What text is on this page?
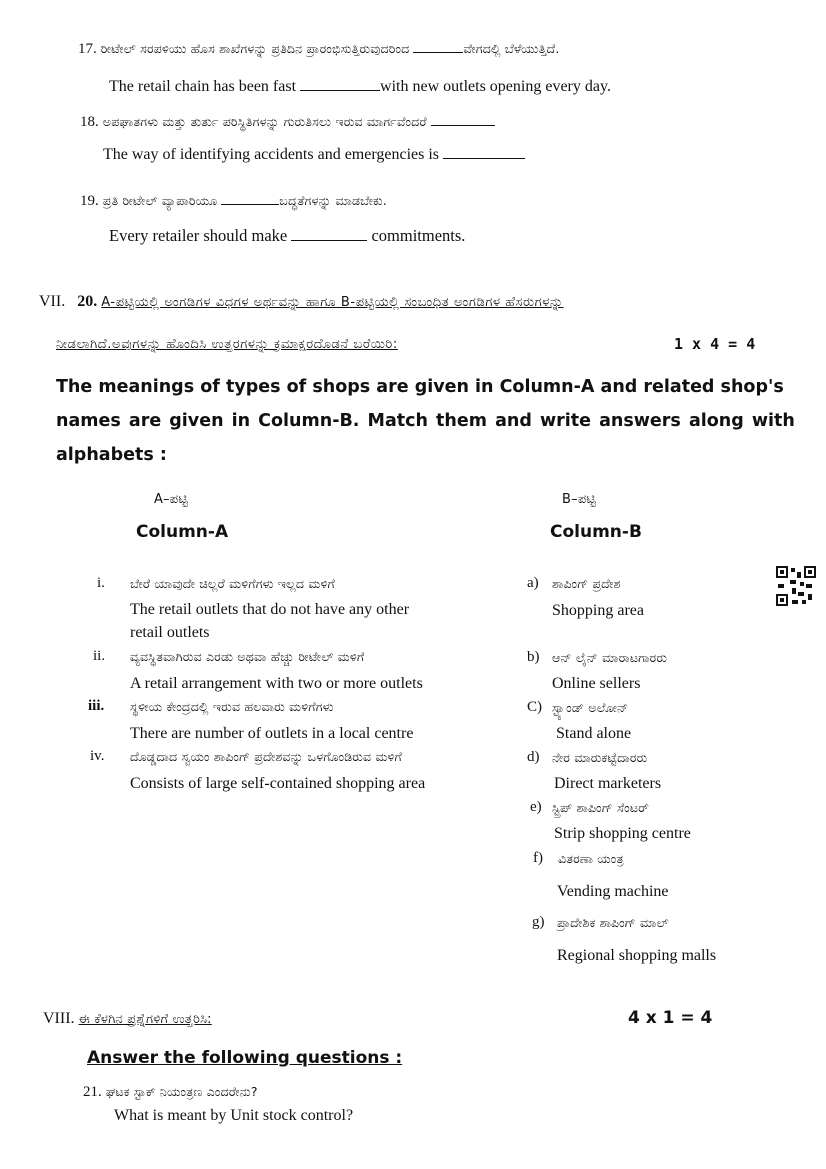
17. ರೀಟೇಲ್ ಸರಪಳಿಯು ಹೊಸ ಶಾಖೆಗಳನ್ನು ಪ್ರತಿದಿನ ಪ್ರಾರಂಭಿಸುತ್ತಿರುವುದರಿಂದ	ವೇಗದಲ್ಲಿ ಬೆಳೆಯುತ್ತಿದೆ.
The retail chain has been fast	with new outlets opening every day.
18. ಅಪಘಾತಗಳು ಮತ್ತು ತುರ್ತು ಪರಿಸ್ಥಿತಿಗಳನ್ನು ಗುರುತಿಸಲು ಇರುವ ಮಾರ್ಗವೆಂದರೆ
The way of identifying accidents and emergencies is
19. ಪ್ರತಿ ರೀಟೇಲ್ ವ್ಯಾಪಾರಿಯೂ	ಬದ್ಧತೆಗಳನ್ನು ಮಾಡಬೇಕು.
Every retailer should make	commitments.
VII. 20. A-ಪಟ್ಟಿಯಲ್ಲಿ ಅಂಗಡಿಗಳ ವಿಧಗಳ ಅರ್ಥವನ್ನು ಹಾಗೂ B-ಪಟ್ಟಿಯಲ್ಲಿ ಸಂಬಂಧಿತ ಅಂಗಡಿಗಳ ಹೆಸರುಗಳನ್ನು
ನೀಡಲಾಗಿದೆ.ಅವುಗಳನ್ನು ಹೊಂದಿಸಿ ಉತ್ತರಗಳನ್ನು ಕ್ರಮಾಕ್ಷರದೊಡನೆ ಬರೆಯಿರಿ:	1 x 4 = 4
The meanings of types of shops are given in Column-A and related shop's
names are given in Column-B. Match them and write answers along with
alphabets :
A–ಪಟ್ಟಿ
Column-A
B–ಪಟ್ಟಿ
Column-B
i. ಬೇರೆ ಯಾವುದೇ ಚಿಲ್ಲರೆ ಮಳಿಗೆಗಳು ಇಲ್ಲದ ಮಳಿಗೆ
The retail outlets that do not have any other
retail outlets
ii. ವ್ಯವಸ್ಥಿತವಾಗಿರುವ ಎರಡು ಅಥವಾ ಹೆಚ್ಚು ರೀಟೇಲ್ ಮಳಿಗೆ
A retail arrangement with two or more outlets
iii. ಸ್ಥಳೀಯ ಕೇಂದ್ರದಲ್ಲಿ ಇರುವ ಹಲವಾರು ಮಳಿಗೆಗಳು
There are number of outlets in a local centre
iv. ದೊಡ್ಡದಾದ ಸ್ವಯಂ ಶಾಪಿಂಗ್ ಪ್ರದೇಶವನ್ನು ಒಳಗೊಂಡಿರುವ ಮಳಿಗೆ
Consists of large self-contained shopping area
a) ಶಾಪಿಂಗ್ ಪ್ರದೇಶ
Shopping area
b) ಆನ್ ಲೈನ್ ಮಾರಾಟಗಾರರು
Online sellers
C) ಸ್ಟ್ಯಾಂಡ್ ಅಲೋನ್
Stand alone
d) ನೇರ ಮಾರುಕಟ್ಟೆದಾರರು
Direct marketers
e) ಸ್ಟ್ರಿಪ್ ಶಾಪಿಂಗ್ ಸೆಂಟರ್
Strip shopping centre
f) ವಿತರಣಾ ಯಂತ್ರ
Vending machine
g) ಪ್ರಾದೇಶಿಕ ಶಾಪಿಂಗ್ ಮಾಲ್
Regional shopping malls
VIII. ಈ ಕೆಳಗಿನ ಪ್ರಶ್ನೆಗಳಿಗೆ ಉತ್ತರಿಸಿ:	4 x 1 = 4
Answer the following questions :
21. ಘಟಕ ಸ್ಟಾಕ್ ನಿಯಂತ್ರಣ ಎಂದರೇನು?
What is meant by Unit stock control?
